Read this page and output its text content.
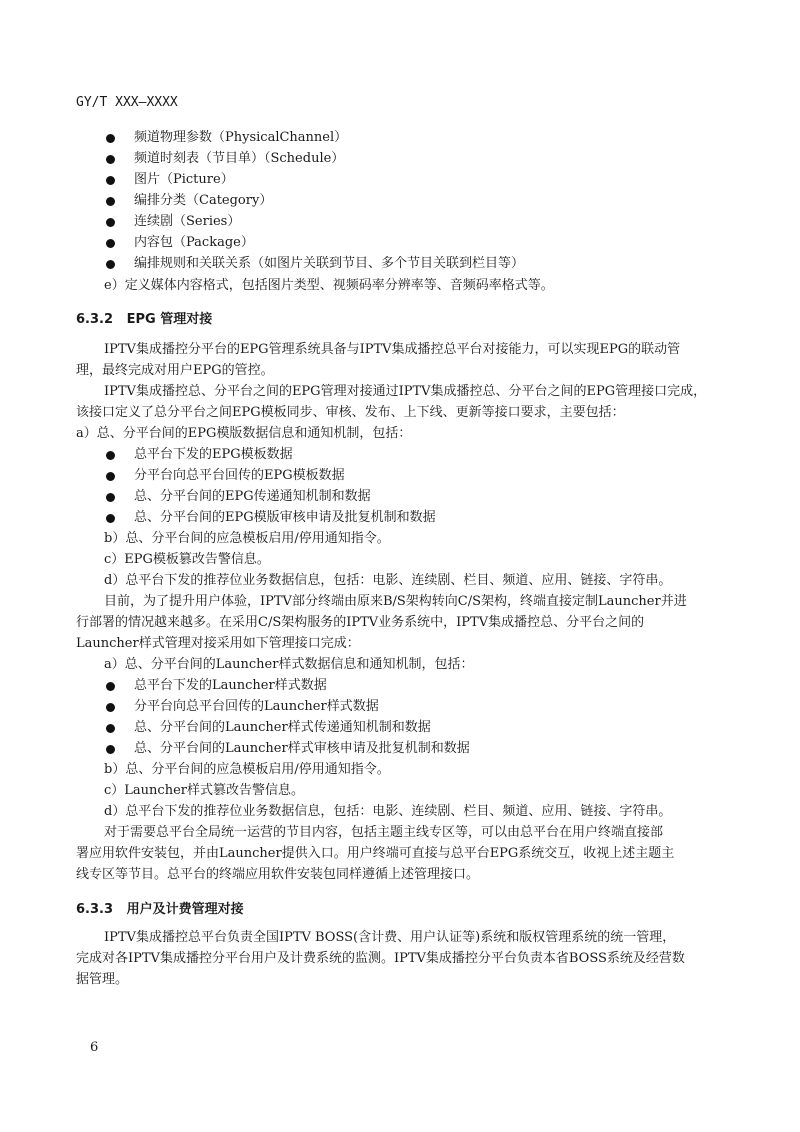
GY/T XXX—XXXX
频道物理参数（PhysicalChannel）
频道时刻表（节目单）（Schedule）
图片（Picture）
编排分类（Category）
连续剧（Series）
内容包（Package）
编排规则和关联关系（如图片关联到节目、多个节目关联到栏目等）
e）定义媒体内容格式，包括图片类型、视频码率分辨率等、音频码率格式等。
6.3.2 EPG 管理对接
IPTV集成播控分平台的EPG管理系统具备与IPTV集成播控总平台对接能力，可以实现EPG的联动管
理，最终完成对用户EPG的管控。
IPTV集成播控总、分平台之间的EPG管理对接通过IPTV集成播控总、分平台之间的EPG管理接口完成，
该接口定义了总分平台之间EPG模板同步、审核、发布、上下线、更新等接口要求，主要包括：
a）总、分平台间的EPG模版数据信息和通知机制，包括：
总平台下发的EPG模板数据
分平台向总平台回传的EPG模板数据
总、分平台间的EPG传递通知机制和数据
总、分平台间的EPG模版审核申请及批复机制和数据
b）总、分平台间的应急模板启用/停用通知指令。
c）EPG模板篡改告警信息。
d）总平台下发的推荐位业务数据信息，包括：电影、连续剧、栏目、频道、应用、链接、字符串。
目前，为了提升用户体验，IPTV部分终端由原来B/S架构转向C/S架构，终端直接定制Launcher并进
行部署的情况越来越多。在采用C/S架构服务的IPTV业务系统中，IPTV集成播控总、分平台之间的
Launcher样式管理对接采用如下管理接口完成：
a）总、分平台间的Launcher样式数据信息和通知机制，包括：
总平台下发的Launcher样式数据
分平台向总平台回传的Launcher样式数据
总、分平台间的Launcher样式传递通知机制和数据
总、分平台间的Launcher样式审核申请及批复机制和数据
b）总、分平台间的应急模板启用/停用通知指令。
c）Launcher样式篡改告警信息。
d）总平台下发的推荐位业务数据信息，包括：电影、连续剧、栏目、频道、应用、链接、字符串。
对于需要总平台全局统一运营的节目内容，包括主题主线专区等，可以由总平台在用户终端直接部
署应用软件安装包，并由Launcher提供入口。用户终端可直接与总平台EPG系统交互，收视上述主题主
线专区等节目。总平台的终端应用软件安装包同样遵循上述管理接口。
6.3.3 用户及计费管理对接
IPTV集成播控总平台负责全国IPTV BOSS(含计费、用户认证等)系统和版权管理系统的统一管理，
完成对各IPTV集成播控分平台用户及计费系统的监测。IPTV集成播控分平台负责本省BOSS系统及经营数
据管理。
6
